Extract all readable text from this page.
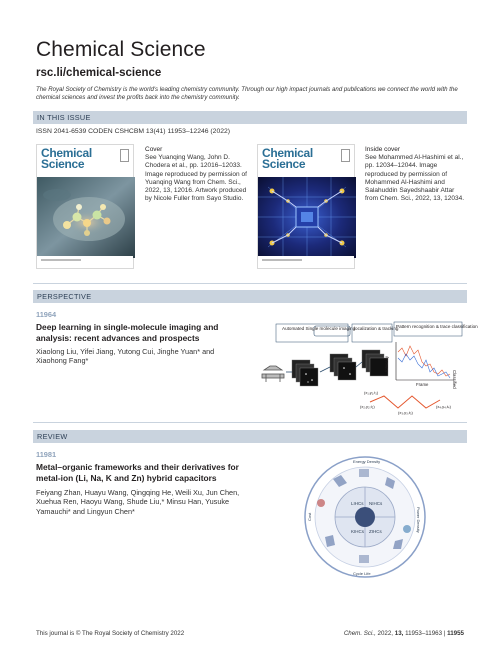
Chemical Science
rsc.li/chemical-science
The Royal Society of Chemistry is the world's leading chemistry community. Through our high impact journals and publications we connect the world with the chemical sciences and invest the profits back into the chemistry community.
IN THIS ISSUE
ISSN 2041-6539 CODEN CSHCBM 13(41) 11953–12246 (2022)
Chemical
Science
Cover
See Yuanqing Wang, John D. Chodera et al., pp. 12016–12033. Image reproduced by permission of Yuanqing Wang from Chem. Sci., 2022, 13, 12016. Artwork produced by Nicole Fuller from Sayo Studio.
Chemical
Science
Inside cover
See Mohammed Al-Hashimi et al., pp. 12034–12044. Image reproduced by permission of Mohammed Al-Hashimi and Salahuddin Sayedshaabir Attar from Chem. Sci., 2022, 13, 12034.
PERSPECTIVE
11964
Deep learning in single-molecule imaging and analysis: recent advances and prospects
Xiaolong Liu, Yifei Jiang, Yutong Cui, Jinghe Yuan* and Xiaohong Fang*
Automated Single molecule imaging
localization & tracking
Pattern recognition & trace classification
Intensity
Frame	Classified
(x₁,y₁,t₁)
(x₂,y₂,t₂)
(x₃,y₃,t₃)
(x₄,y₄,t₄)
REVIEW
11981
Metal–organic frameworks and their derivatives for metal-ion (Li, Na, K and Zn) hybrid capacitors
Feiyang Zhan, Huayu Wang, Qingqing He, Weili Xu, Jun Chen, Xuehua Ren, Haoyu Wang, Shude Liu,* Minsu Han, Yusuke Yamauchi* and Lingyun Chen*
LIHCs NIHCs
KIHCs ZIHCs
Energy Density
Power Density
Cycle Life
Cost
This journal is © The Royal Society of Chemistry 2022	Chem. Sci., 2022, 13, 11953–11963 | 11955
